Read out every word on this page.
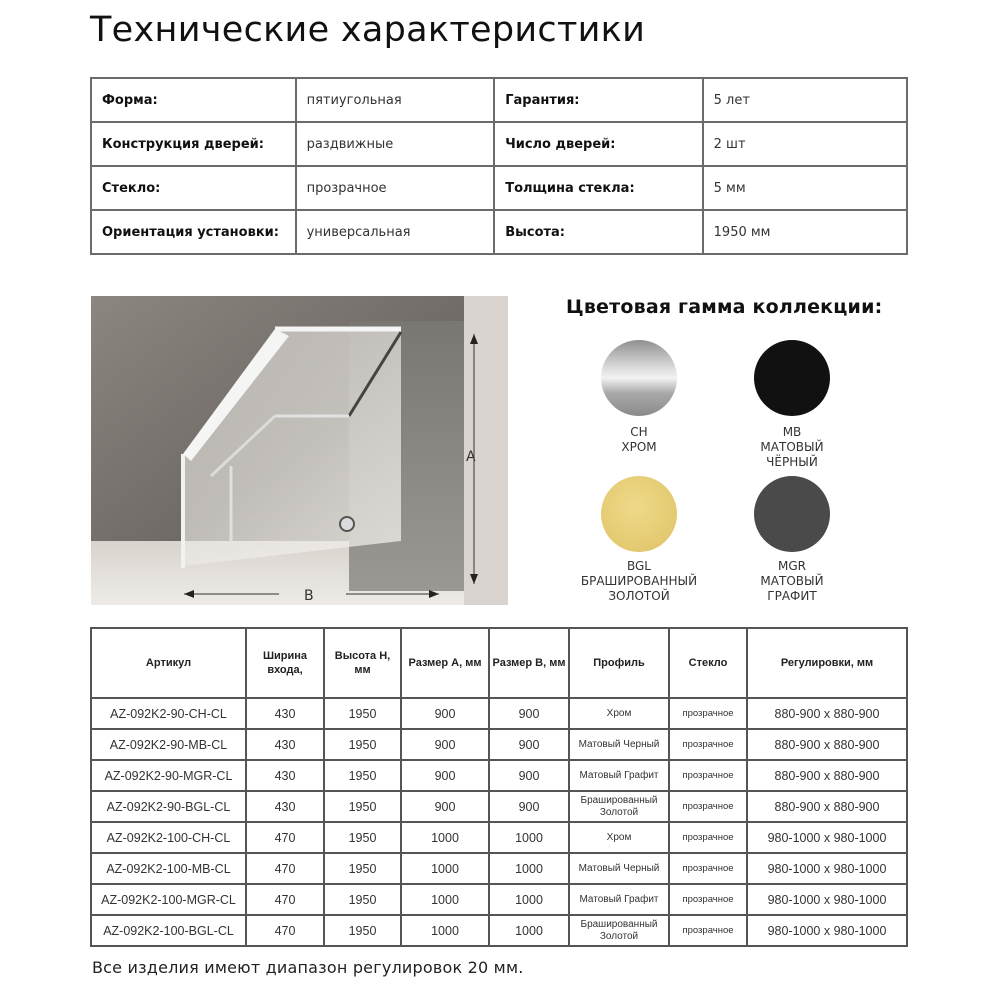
Технические характеристики
Форма:	пятиугольная	Гарантия:	5 лет
Конструкция дверей:	раздвижные	Число дверей:	2 шт
Стекло:	прозрачное	Толщина стекла:	5 мм
Ориентация установки:	универсальная	Высота:	1950 мм
A
B
Цветовая гамма коллекции:
CH
ХРОМ
MB
МАТОВЫЙ
ЧЁРНЫЙ
BGL
БРАШИРОВАННЫЙ
ЗОЛОТОЙ
MGR
МАТОВЫЙ
ГРАФИТ
Артикул	Ширина входа,	Высота H, мм	Размер A, мм	Размер B, мм	Профиль	Стекло	Регулировки, мм
AZ-092K2-90-CH-CL	430	1950	900	900	Хром	прозрачное	880-900 x 880-900
AZ-092K2-90-MB-CL	430	1950	900	900	Матовый Черный	прозрачное	880-900 x 880-900
AZ-092K2-90-MGR-CL	430	1950	900	900	Матовый Графит	прозрачное	880-900 x 880-900
AZ-092K2-90-BGL-CL	430	1950	900	900	Брашированный Золотой	прозрачное	880-900 x 880-900
AZ-092K2-100-CH-CL	470	1950	1000	1000	Хром	прозрачное	980-1000 x 980-1000
AZ-092K2-100-MB-CL	470	1950	1000	1000	Матовый Черный	прозрачное	980-1000 x 980-1000
AZ-092K2-100-MGR-CL	470	1950	1000	1000	Матовый Графит	прозрачное	980-1000 x 980-1000
AZ-092K2-100-BGL-CL	470	1950	1000	1000	Брашированный Золотой	прозрачное	980-1000 x 980-1000
Все изделия имеют диапазон регулировок 20 мм.
